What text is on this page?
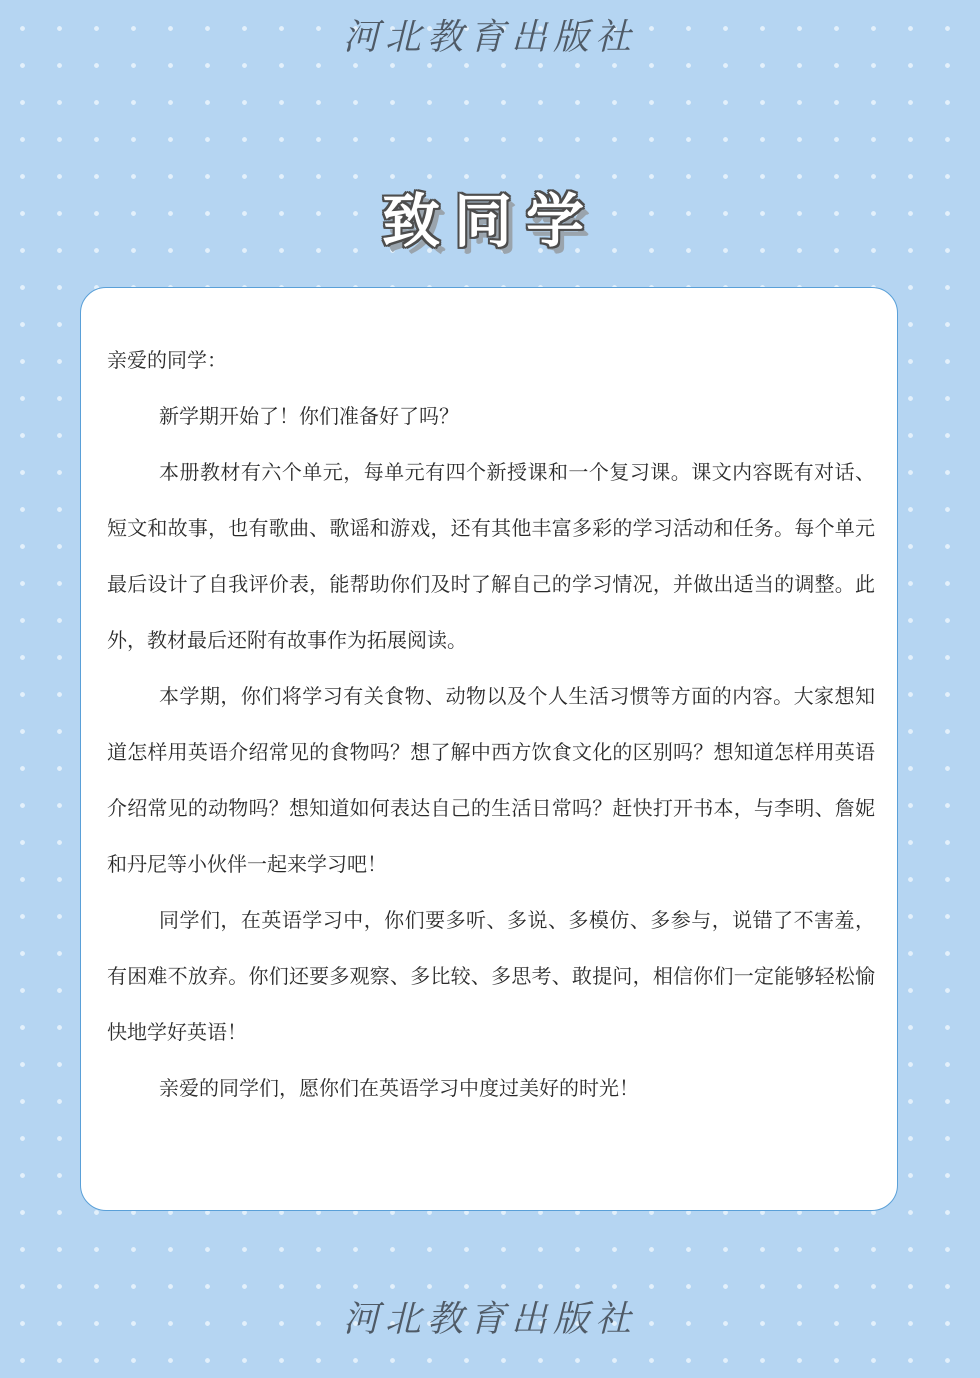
河北教育出版社
致同学

亲爱的同学：

新学期开始了！你们准备好了吗？

本册教材有六个单元，每单元有四个新授课和一个复习课。课文内容既有对话、短文和故事，也有歌曲、歌谣和游戏，还有其他丰富多彩的学习活动和任务。每个单元最后设计了自我评价表，能帮助你们及时了解自己的学习情况，并做出适当的调整。此外，教材最后还附有故事作为拓展阅读。

本学期，你们将学习有关食物、动物以及个人生活习惯等方面的内容。大家想知道怎样用英语介绍常见的食物吗？想了解中西方饮食文化的区别吗？想知道怎样用英语介绍常见的动物吗？想知道如何表达自己的生活日常吗？赶快打开书本，与李明、詹妮和丹尼等小伙伴一起来学习吧！

同学们，在英语学习中，你们要多听、多说、多模仿、多参与，说错了不害羞，有困难不放弃。你们还要多观察、多比较、多思考、敢提问，相信你们一定能够轻松愉快地学好英语！

亲爱的同学们，愿你们在英语学习中度过美好的时光！

河北教育出版社
